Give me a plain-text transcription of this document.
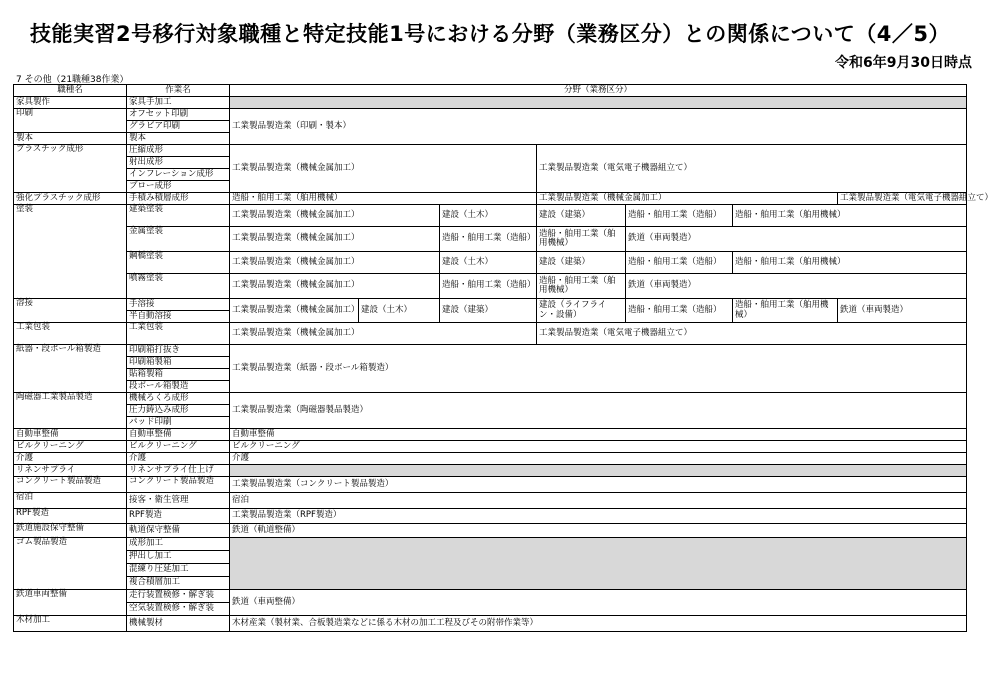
技能実習2号移行対象職種と特定技能1号における分野（業務区分）との関係について（4／5）
令和6年9月30日時点
7 その他（21職種38作業）
職種名	作業名	分野（業務区分）						
家具製作	家具手加工							
印刷	オフセット印刷	工業製品製造業（印刷・製本）						
	グラビア印刷							
製本	製本							
プラスチック成形	圧縮成形	工業製品製造業（機械金属加工）			工業製品製造業（電気電子機器組立て）			
	射出成形							
	インフレーション成形							
	ブロー成形							
強化プラスチック成形	手積み積層成形	造船・舶用工業（舶用機械）			工業製品製造業（機械金属加工）			工業製品製造業（電気電子機器組立て）
塗装	建築塗装	工業製品製造業（機械金属加工）		建設（土木）	建設（建築）	造船・舶用工業（造船）	造船・舶用工業（舶用機械）	
	金属塗装	工業製品製造業（機械金属加工）		造船・舶用工業（造船）	造船・舶用工業（舶用機械）	鉄道（車両製造）		
	鋼橋塗装	工業製品製造業（機械金属加工）		建設（土木）	建設（建築）	造船・舶用工業（造船）	造船・舶用工業（舶用機械）	
	噴霧塗装	工業製品製造業（機械金属加工）		造船・舶用工業（造船）	造船・舶用工業（舶用機械）	鉄道（車両製造）		
溶接	手溶接	工業製品製造業（機械金属加工）	建設（土木）	建設（建築）	建設（ライフライン・設備）	造船・舶用工業（造船）	造船・舶用工業（舶用機械）	鉄道（車両製造）
	半自動溶接							
工業包装	工業包装	工業製品製造業（機械金属加工）			工業製品製造業（電気電子機器組立て）			
紙器・段ボール箱製造	印刷箱打抜き	工業製品製造業（紙器・段ボール箱製造）						
	印刷箱製箱							
	貼箱製箱							
	段ボール箱製造							
陶磁器工業製品製造	機械ろくろ成形	工業製品製造業（陶磁器製品製造）						
	圧力鋳込み成形							
	パッド印刷							
自動車整備	自動車整備	自動車整備						
ビルクリーニング	ビルクリーニング	ビルクリーニング						
介護	介護	介護						
リネンサプライ	リネンサプライ仕上げ							
コンクリート製品製造	コンクリート製品製造	工業製品製造業（コンクリート製品製造）						
宿泊	接客・衛生管理	宿泊						
RPF製造	RPF製造	工業製品製造業（RPF製造）						
鉄道施設保守整備	軌道保守整備	鉄道（軌道整備）						
ゴム製品製造	成形加工							
	押出し加工							
	混練り圧延加工							
	複合積層加工							
鉄道車両整備	走行装置検修・解ぎ装	鉄道（車両整備）						
	空気装置検修・解ぎ装							
木材加工	機械製材	木材産業（製材業、合板製造業などに係る木材の加工工程及びその附帯作業等）						
